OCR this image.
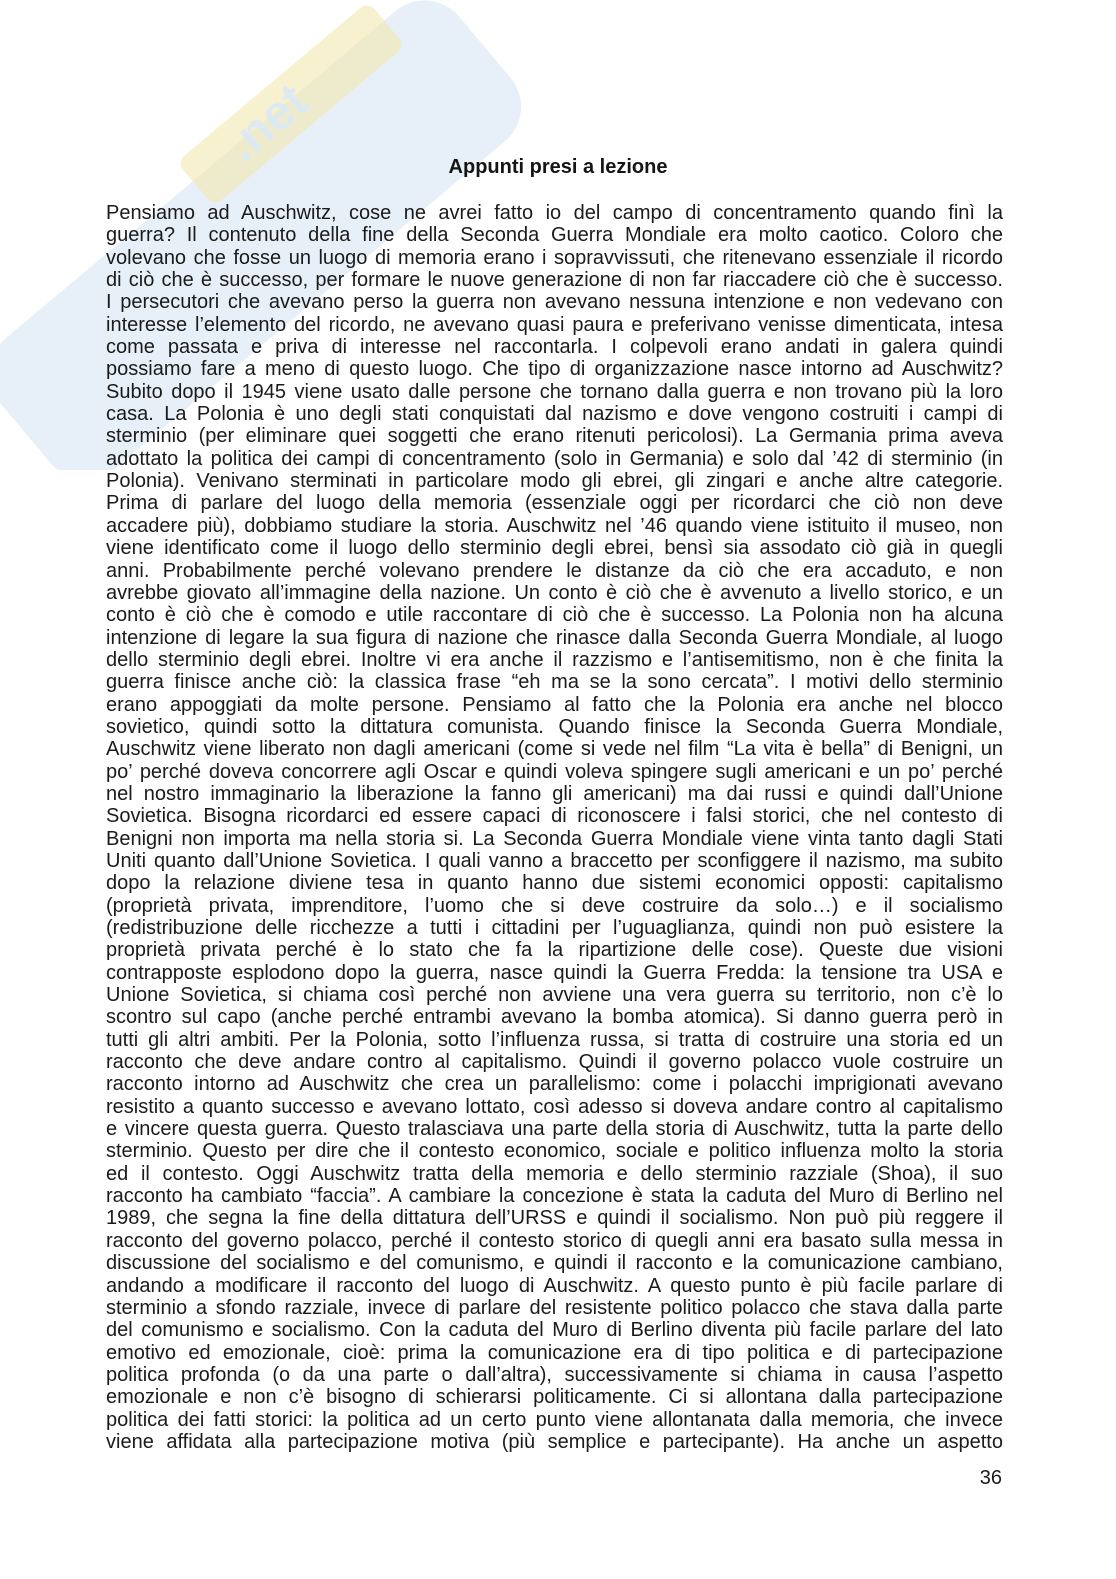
.net	Appunti presi a lezione
Pensiamo ad Auschwitz, cose ne avrei fatto io del campo di concentramento quando finì la
guerra? Il contenuto della fine della Seconda Guerra Mondiale era molto caotico. Coloro che
volevano che fosse un luogo di memoria erano i sopravvissuti, che ritenevano essenziale il ricordo
di ciò che è successo, per formare le nuove generazione di non far riaccadere ciò che è successo.
I persecutori che avevano perso la guerra non avevano nessuna intenzione e non vedevano con
interesse l’elemento del ricordo, ne avevano quasi paura e preferivano venisse dimenticata, intesa
come passata e priva di interesse nel raccontarla. I colpevoli erano andati in galera quindi
possiamo fare a meno di questo luogo. Che tipo di organizzazione nasce intorno ad Auschwitz?
Subito dopo il 1945 viene usato dalle persone che tornano dalla guerra e non trovano più la loro
casa. La Polonia è uno degli stati conquistati dal nazismo e dove vengono costruiti i campi di
sterminio (per eliminare quei soggetti che erano ritenuti pericolosi). La Germania prima aveva
adottato la politica dei campi di concentramento (solo in Germania) e solo dal ’42 di sterminio (in
Polonia). Venivano sterminati in particolare modo gli ebrei, gli zingari e anche altre categorie.
Prima di parlare del luogo della memoria (essenziale oggi per ricordarci che ciò non deve
accadere più), dobbiamo studiare la storia. Auschwitz nel ’46 quando viene istituito il museo, non
viene identificato come il luogo dello sterminio degli ebrei, bensì sia assodato ciò già in quegli
anni. Probabilmente perché volevano prendere le distanze da ciò che era accaduto, e non
avrebbe giovato all’immagine della nazione. Un conto è ciò che è avvenuto a livello storico, e un
conto è ciò che è comodo e utile raccontare di ciò che è successo. La Polonia non ha alcuna
intenzione di legare la sua figura di nazione che rinasce dalla Seconda Guerra Mondiale, al luogo
dello sterminio degli ebrei. Inoltre vi era anche il razzismo e l’antisemitismo, non è che finita la
guerra finisce anche ciò: la classica frase “eh ma se la sono cercata”. I motivi dello sterminio
erano appoggiati da molte persone. Pensiamo al fatto che la Polonia era anche nel blocco
sovietico, quindi sotto la dittatura comunista. Quando finisce la Seconda Guerra Mondiale,
Auschwitz viene liberato non dagli americani (come si vede nel film “La vita è bella” di Benigni, un
po’ perché doveva concorrere agli Oscar e quindi voleva spingere sugli americani e un po’ perché
nel nostro immaginario la liberazione la fanno gli americani) ma dai russi e quindi dall’Unione
Sovietica. Bisogna ricordarci ed essere capaci di riconoscere i falsi storici, che nel contesto di
Benigni non importa ma nella storia si. La Seconda Guerra Mondiale viene vinta tanto dagli Stati
Uniti quanto dall’Unione Sovietica. I quali vanno a braccetto per sconfiggere il nazismo, ma subito
dopo la relazione diviene tesa in quanto hanno due sistemi economici opposti: capitalismo
(proprietà privata, imprenditore, l’uomo che si deve costruire da solo…) e il socialismo
(redistribuzione delle ricchezze a tutti i cittadini per l’uguaglianza, quindi non può esistere la
proprietà privata perché è lo stato che fa la ripartizione delle cose). Queste due visioni
contrapposte esplodono dopo la guerra, nasce quindi la Guerra Fredda: la tensione tra USA e
Unione Sovietica, si chiama così perché non avviene una vera guerra su territorio, non c’è lo
scontro sul capo (anche perché entrambi avevano la bomba atomica). Si danno guerra però in
tutti gli altri ambiti. Per la Polonia, sotto l’influenza russa, si tratta di costruire una storia ed un
racconto che deve andare contro al capitalismo. Quindi il governo polacco vuole costruire un
racconto intorno ad Auschwitz che crea un parallelismo: come i polacchi imprigionati avevano
resistito a quanto successo e avevano lottato, così adesso si doveva andare contro al capitalismo
e vincere questa guerra. Questo tralasciava una parte della storia di Auschwitz, tutta la parte dello
sterminio. Questo per dire che il contesto economico, sociale e politico influenza molto la storia
ed il contesto. Oggi Auschwitz tratta della memoria e dello sterminio razziale (Shoa), il suo
racconto ha cambiato “faccia”. A cambiare la concezione è stata la caduta del Muro di Berlino nel
1989, che segna la fine della dittatura dell’URSS e quindi il socialismo. Non può più reggere il
racconto del governo polacco, perché il contesto storico di quegli anni era basato sulla messa in
discussione del socialismo e del comunismo, e quindi il racconto e la comunicazione cambiano,
andando a modificare il racconto del luogo di Auschwitz. A questo punto è più facile parlare di
sterminio a sfondo razziale, invece di parlare del resistente politico polacco che stava dalla parte
del comunismo e socialismo. Con la caduta del Muro di Berlino diventa più facile parlare del lato
emotivo ed emozionale, cioè: prima la comunicazione era di tipo politica e di partecipazione
politica profonda (o da una parte o dall’altra), successivamente si chiama in causa l’aspetto
emozionale e non c’è bisogno di schierarsi politicamente. Ci si allontana dalla partecipazione
politica dei fatti storici: la politica ad un certo punto viene allontanata dalla memoria, che invece
viene affidata alla partecipazione motiva (più semplice e partecipante). Ha anche un aspetto
36
